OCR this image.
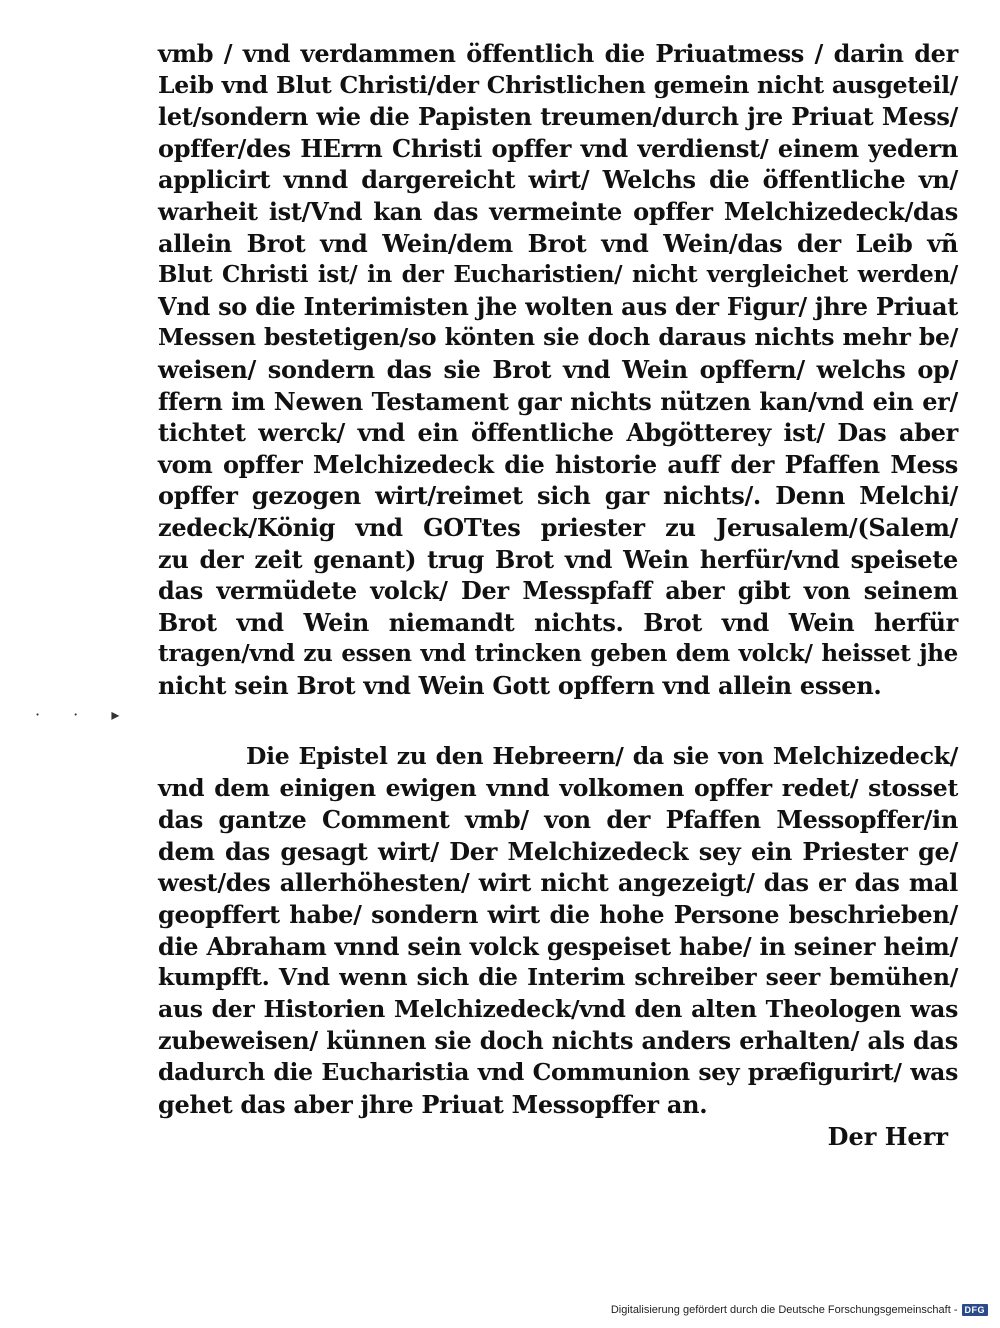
· · ▸
vmb / vnd verdammen öffentlich die Priuatmess / darin der
Leib vnd Blut Christi/der Christlichen gemein nicht ausgeteil/
let/sondern wie die Papisten treumen/durch jre Priuat Mess/
opffer/des HErrn Christi opffer vnd verdienst/ einem yedern
applicirt vnnd dargereicht wirt/ Welchs die öffentliche vn/
warheit ist/Vnd kan das vermeinte opffer Melchizedeck/das
allein Brot vnd Wein/dem Brot vnd Wein/das der Leib vñ
Blut Christi ist/ in der Eucharistien/ nicht vergleichet werden/
Vnd so die Interimisten jhe wolten aus der Figur/ jhre Priuat
Messen bestetigen/so könten sie doch daraus nichts mehr be/
weisen/ sondern das sie Brot vnd Wein opffern/ welchs op/
ffern im Newen Testament gar nichts nützen kan/vnd ein er/
tichtet werck/ vnd ein öffentliche Abgötterey ist/ Das aber
vom opffer Melchizedeck die historie auff der Pfaffen Mess
opffer gezogen wirt/reimet sich gar nichts/. Denn Melchi/
zedeck/König vnd GOTtes priester zu Jerusalem/(Salem/
zu der zeit genant) trug Brot vnd Wein herfür/vnd speisete
das vermüdete volck/ Der Messpfaff aber gibt von seinem
Brot vnd Wein niemandt nichts. Brot vnd Wein herfür
tragen/vnd zu essen vnd trincken geben dem volck/ heisset jhe
nicht sein Brot vnd Wein Gott opffern vnd allein essen.
Die Epistel zu den Hebreern/ da sie von Melchizedeck/
vnd dem einigen ewigen vnnd volkomen opffer redet/ stosset
das gantze Comment vmb/ von der Pfaffen Messopffer/in
dem das gesagt wirt/ Der Melchizedeck sey ein Priester ge/
west/des allerhöhesten/ wirt nicht angezeigt/ das er das mal
geopffert habe/ sondern wirt die hohe Persone beschrieben/
die Abraham vnnd sein volck gespeiset habe/ in seiner heim/
kumpfft. Vnd wenn sich die Interim schreiber seer bemühen/
aus der Historien Melchizedeck/vnd den alten Theologen was
zubeweisen/ künnen sie doch nichts anders erhalten/ als das
dadurch die Eucharistia vnd Communion sey præfigurirt/ was
gehet das aber jhre Priuat Messopffer an.
Der Herr
Digitalisierung gefördert durch die Deutsche Forschungsgemeinschaft - DFG
